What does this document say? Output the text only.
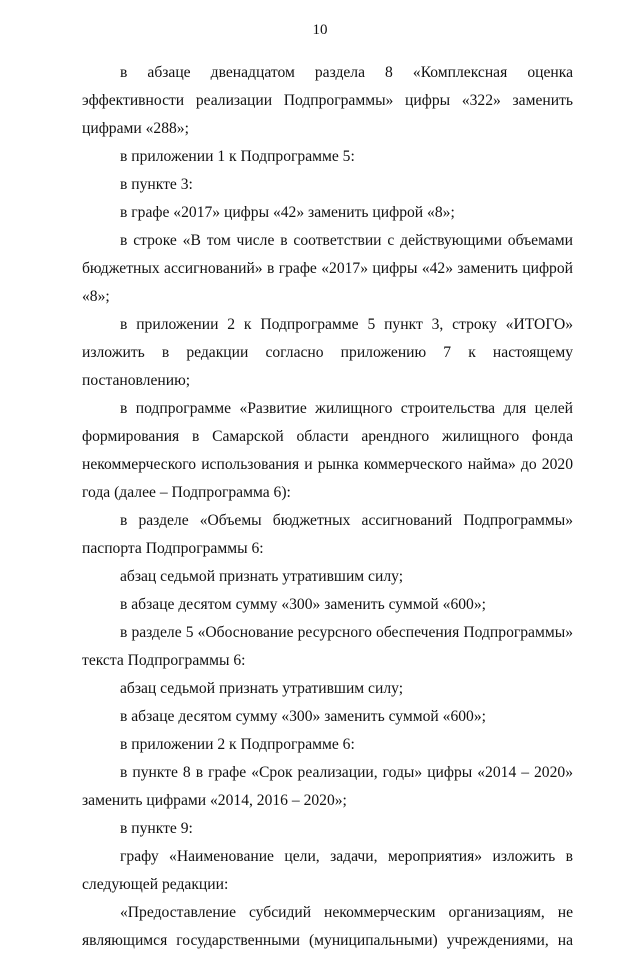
10

в абзаце двенадцатом раздела 8 «Комплексная оценка эффективности реализации Подпрограммы» цифры «322» заменить цифрами «288»;

в приложении 1 к Подпрограмме 5:

в пункте 3:

в графе «2017» цифры «42» заменить цифрой «8»;

в строке «В том числе в соответствии с действующими объемами бюджетных ассигнований» в графе «2017» цифры «42» заменить цифрой «8»;

в приложении 2 к Подпрограмме 5 пункт 3, строку «ИТОГО» изложить в редакции согласно приложению 7 к настоящему постановлению;

в подпрограмме «Развитие жилищного строительства для целей формирования в Самарской области арендного жилищного фонда некоммерческого использования и рынка коммерческого найма» до 2020 года (далее – Подпрограмма 6):

в разделе «Объемы бюджетных ассигнований Подпрограммы» паспорта Подпрограммы 6:

абзац седьмой признать утратившим силу;

в абзаце десятом сумму «300» заменить суммой «600»;

в разделе 5 «Обоснование ресурсного обеспечения Подпрограммы» текста Подпрограммы 6:

абзац седьмой признать утратившим силу;

в абзаце десятом сумму «300» заменить суммой «600»;

в приложении 2 к Подпрограмме 6:

в пункте 8 в графе «Срок реализации, годы» цифры «2014 – 2020» заменить цифрами «2014, 2016 – 2020»;

в пункте 9:

графу «Наименование цели, задачи, мероприятия» изложить в следующей редакции:

«Предоставление субсидий некоммерческим организациям, не являющимся государственными (муниципальными) учреждениями, на
